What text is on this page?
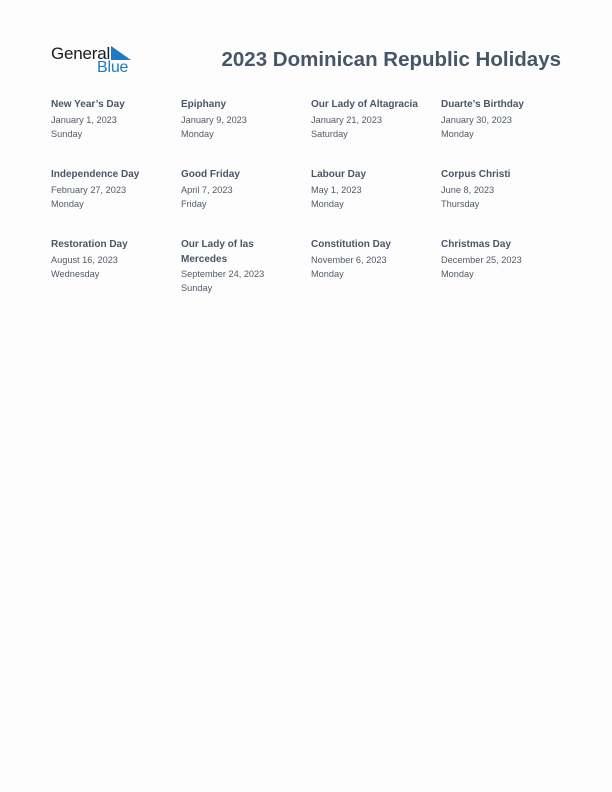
General
Blue	2023 Dominican Republic Holidays
New Year’s Day
January 1, 2023
Sunday
Epiphany
January 9, 2023
Monday
Our Lady of Altagracia
January 21, 2023
Saturday
Duarte’s Birthday
January 30, 2023
Monday
Independence Day
February 27, 2023
Monday
Good Friday
April 7, 2023
Friday
Labour Day
May 1, 2023
Monday
Corpus Christi
June 8, 2023
Thursday
Restoration Day
August 16, 2023
Wednesday
Our Lady of las Mercedes
September 24, 2023
Sunday
Constitution Day
November 6, 2023
Monday
Christmas Day
December 25, 2023
Monday
